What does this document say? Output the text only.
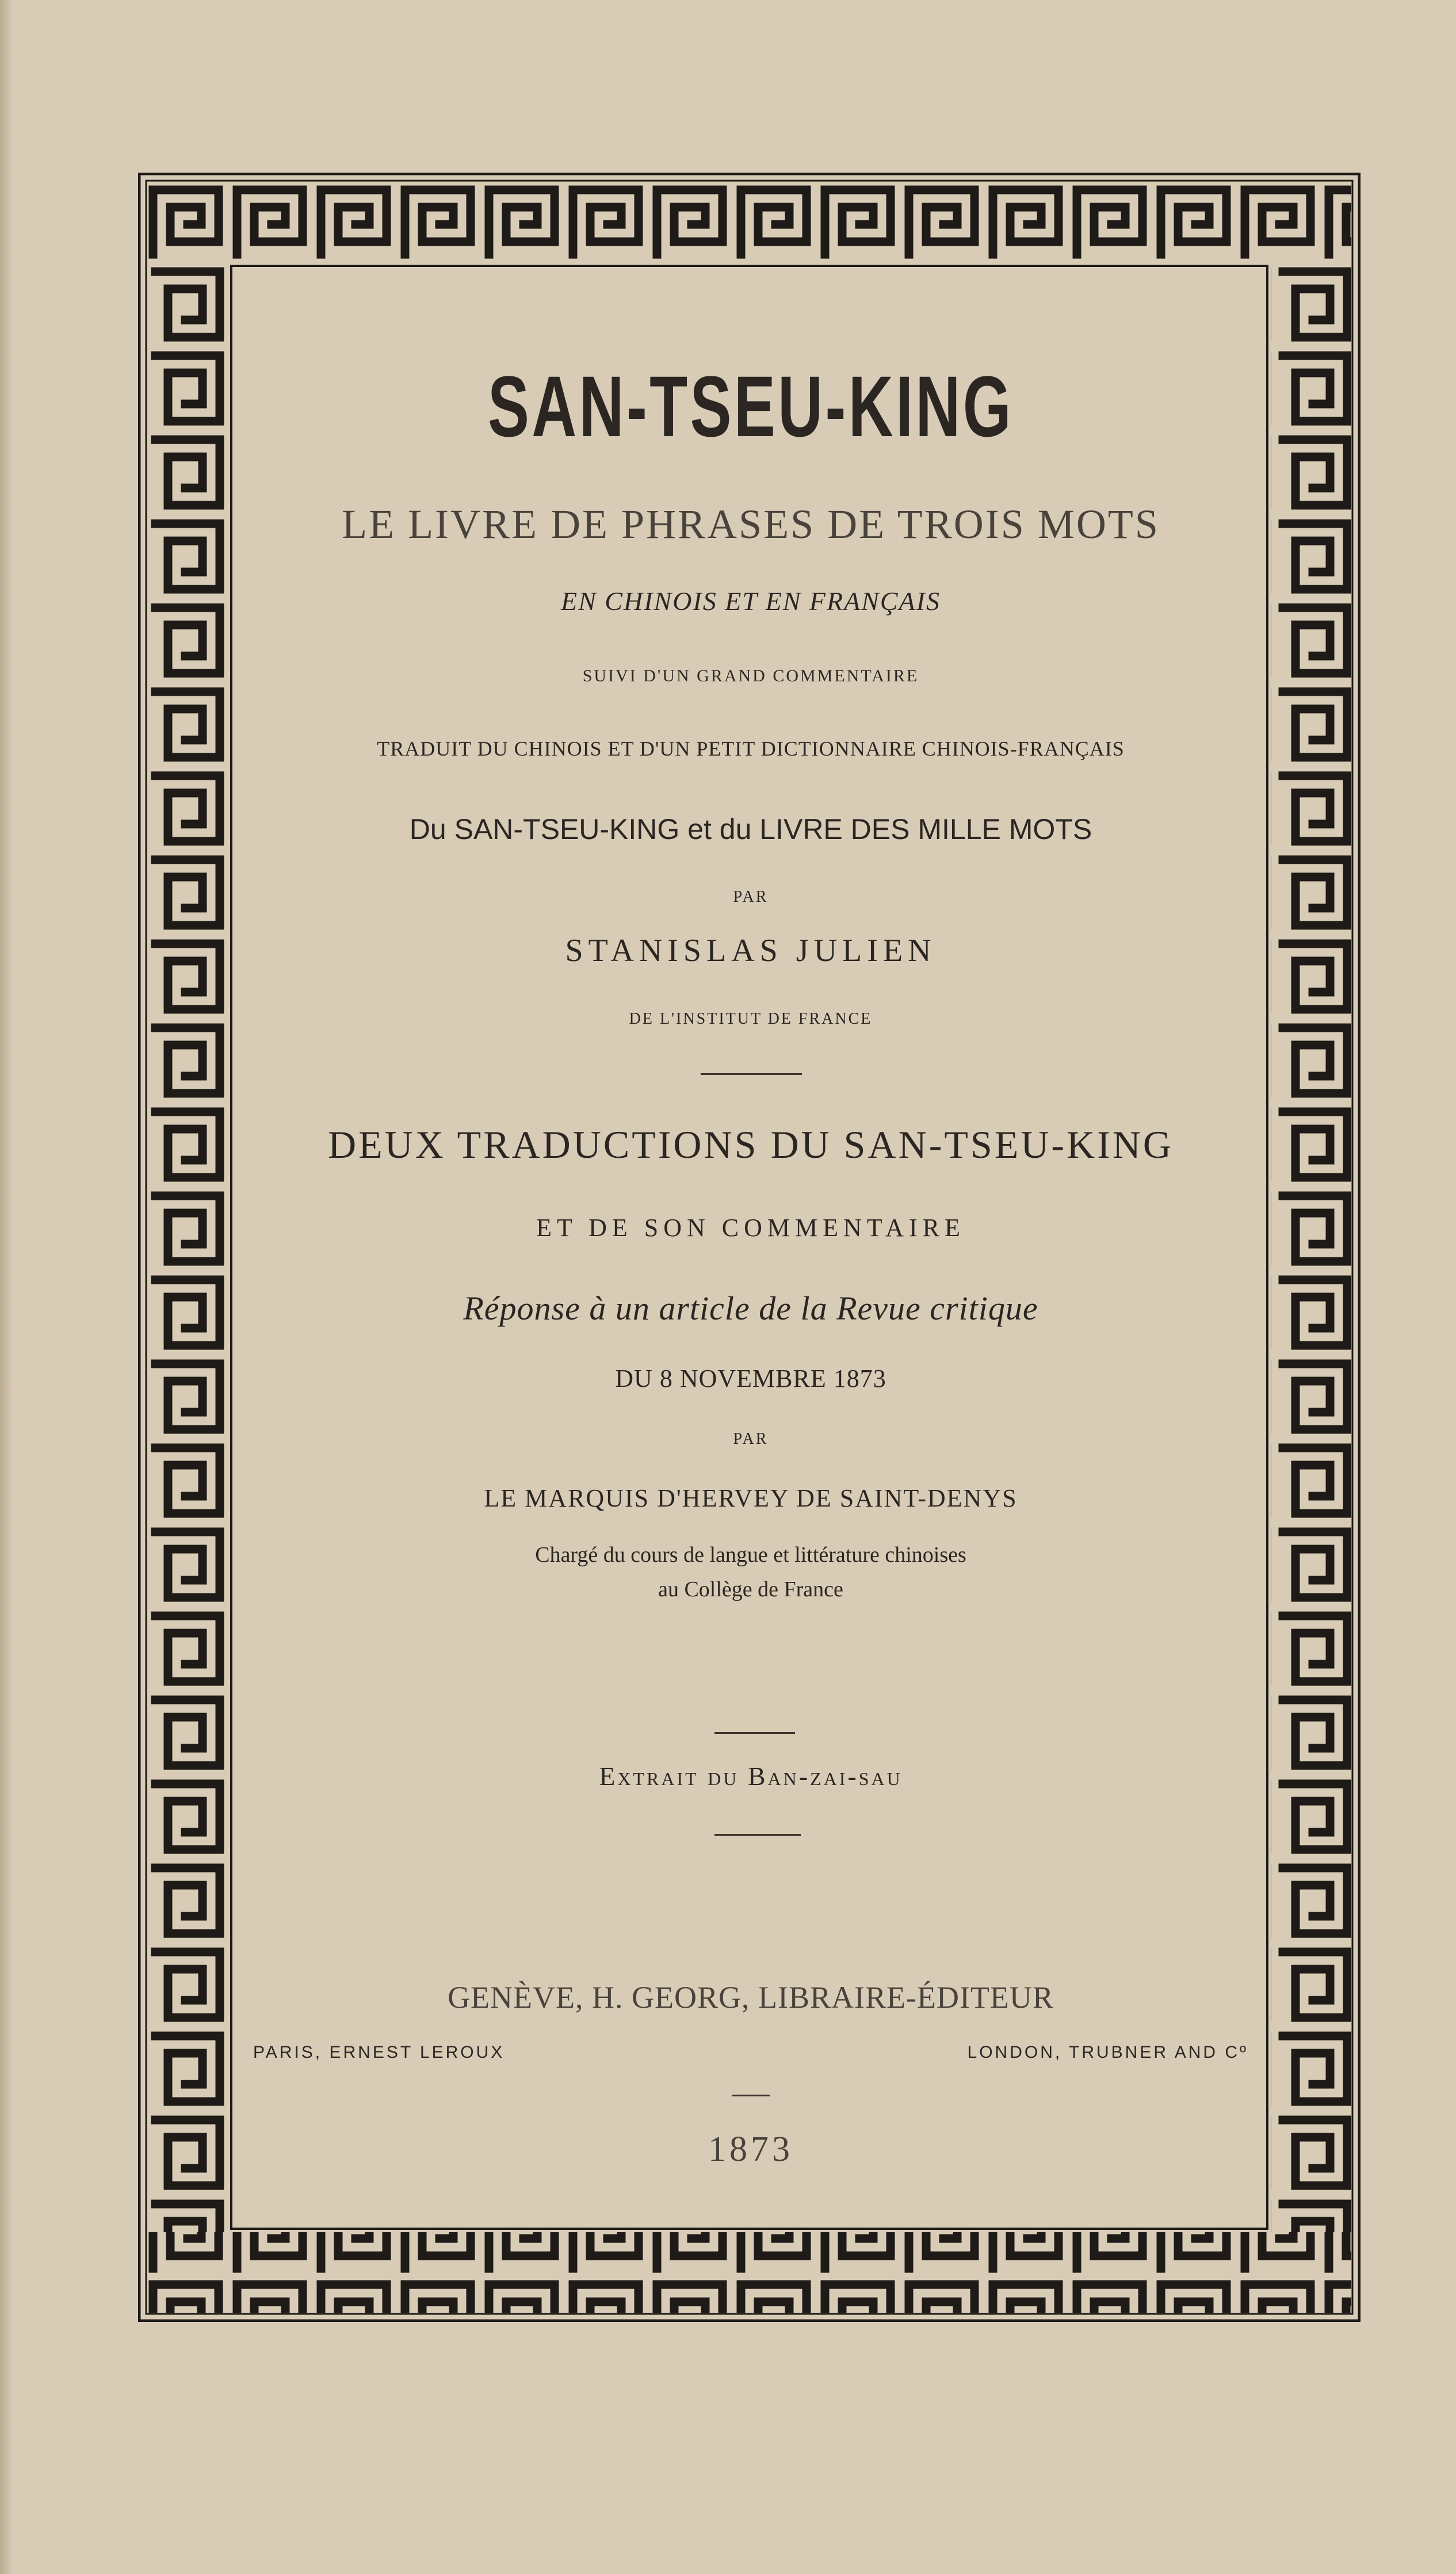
SAN-TSEU-KING
LE LIVRE DE PHRASES DE TROIS MOTS
EN CHINOIS ET EN FRANÇAIS
SUIVI D'UN GRAND COMMENTAIRE
TRADUIT DU CHINOIS ET D'UN PETIT DICTIONNAIRE CHINOIS-FRANÇAIS
Du SAN-TSEU-KING et du LIVRE DES MILLE MOTS
PAR
STANISLAS JULIEN
DE L'INSTITUT DE FRANCE
DEUX TRADUCTIONS DU SAN-TSEU-KING
ET DE SON COMMENTAIRE
Réponse à un article de la Revue critique
DU 8 NOVEMBRE 1873
PAR
LE MARQUIS D'HERVEY DE SAINT-DENYS
Chargé du cours de langue et littérature chinoises
au Collège de France
Extrait du Ban-zai-sau
GENÈVE, H. GEORG, LIBRAIRE-ÉDITEUR
PARIS, ERNEST LEROUX	LONDON, TRUBNER AND Cº
1873
